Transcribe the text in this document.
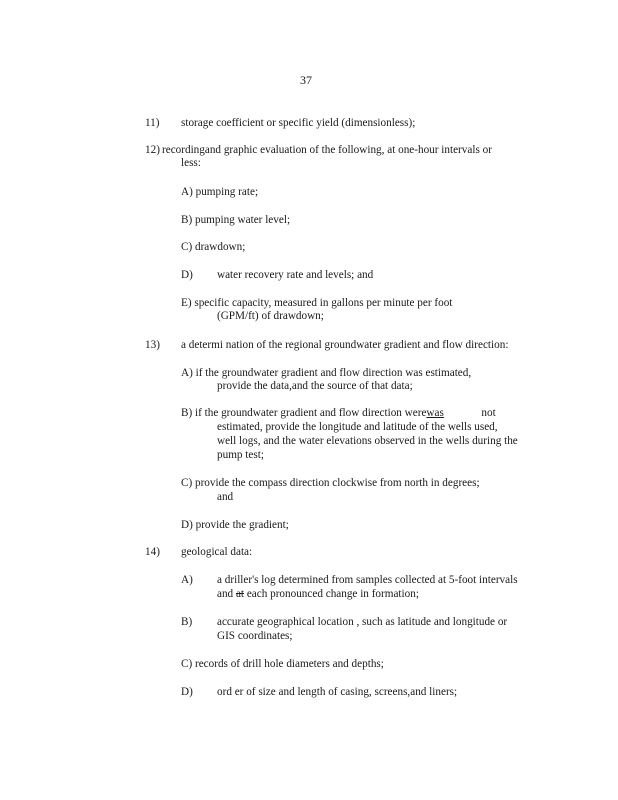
37
11) storage coefficient or specific yield (dimensionless);
12) recordingand graphic evaluation of the following, at one-hour intervals or
less:
A) pumping rate;
B) pumping water level;
C) drawdown;
D) water recovery rate and levels; and
E) specific capacity, measured in gallons per minute per foot
(GPM/ft) of drawdown;
13) a determi nation of the regional groundwater gradient and flow direction:
A) if the groundwater gradient and flow direction was estimated,
provide the data,and the source of that data;
B) if the groundwater gradient and flow direction werewas	not
estimated, provide the longitude and latitude of the wells used,
well logs, and the water elevations observed in the wells during the
pump test;
C) provide the compass direction clockwise from north in degrees;
and
D) provide the gradient;
14) geological data:
A) a driller's log determined from samples collected at 5-foot intervals
and at each pronounced change in formation;
B) accurate geographical location , such as latitude and longitude or
GIS coordinates;
C) records of drill hole diameters and depths;
D) ord er of size and length of casing, screens,and liners;
